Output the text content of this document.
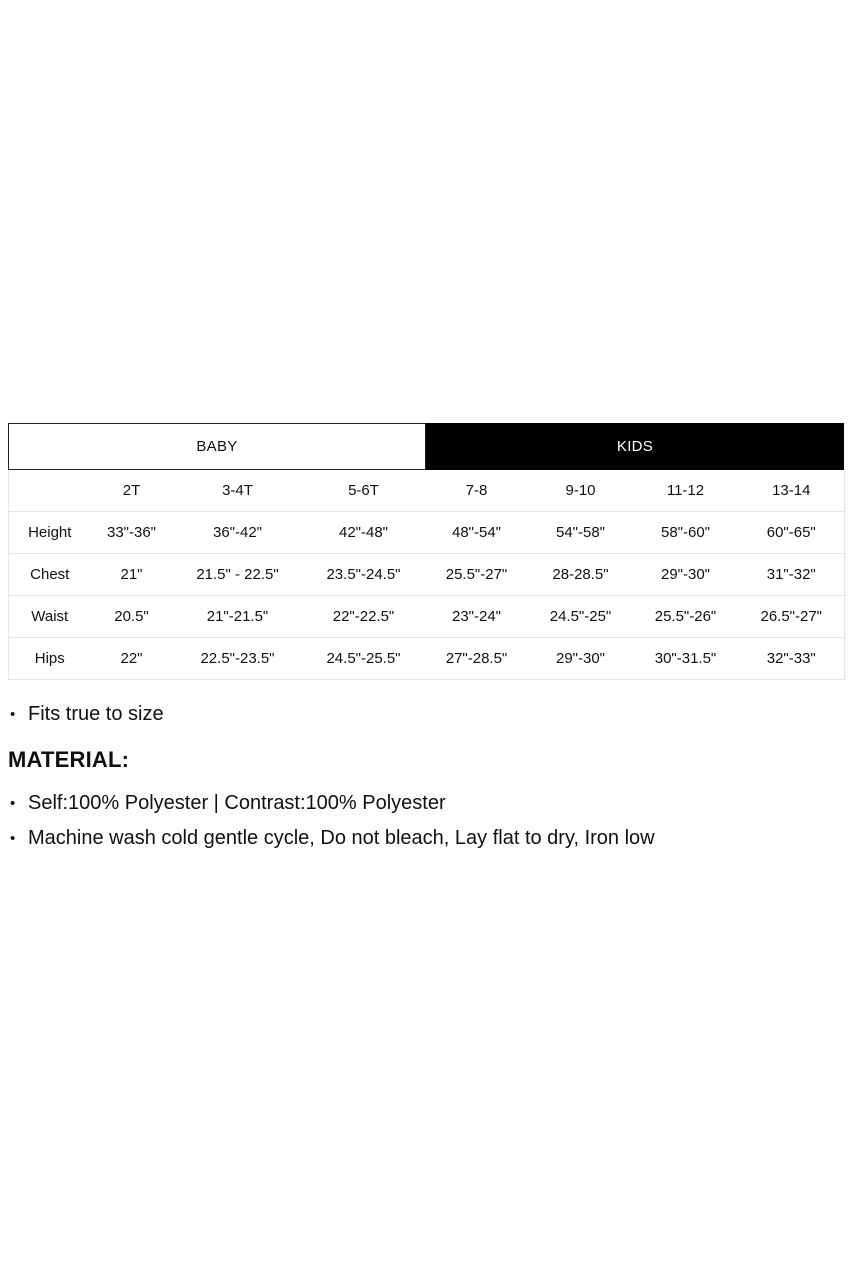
BABY	KIDS
	2T	3-4T	5-6T	7-8	9-10	11-12	13-14
Height	33"-36"	36"-42"	42"-48"	48"-54"	54"-58"	58"-60"	60"-65"
Chest	21"	21.5" - 22.5"	23.5"-24.5"	25.5"-27"	28-28.5"	29"-30"	31"-32"
Waist	20.5"	21"-21.5"	22"-22.5"	23"-24"	24.5"-25"	25.5"-26"	26.5"-27"
Hips	22"	22.5"-23.5"	24.5"-25.5"	27"-28.5"	29"-30"	30"-31.5"	32"-33"
• Fits true to size
MATERIAL:
• Self:100% Polyester | Contrast:100% Polyester
• Machine wash cold gentle cycle, Do not bleach, Lay flat to dry, Iron low
